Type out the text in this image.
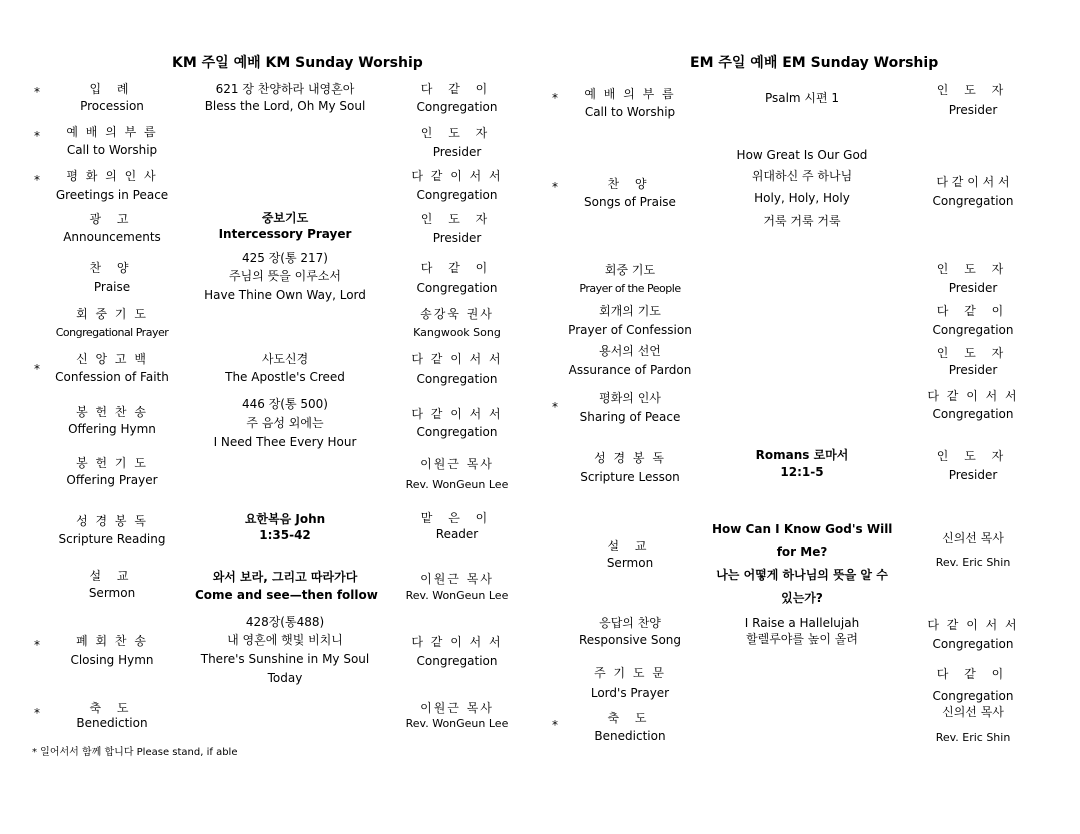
KM 주일 예배 KM Sunday Worship	EM 주일 예배 EM Sunday Worship
입 례
Procession
예 배 의 부 름
Call to Worship
평 화 의 인 사
Greetings in Peace
광 고
Announcements
찬 양
Praise
회 중 기 도
Congregational Prayer
신 앙 고 백
Confession of Faith
봉 헌 찬 송
Offering Hymn
봉 헌 기 도
Offering Prayer
성 경 봉 독
Scripture Reading
설 교
Sermon
폐 회 찬 송
Closing Hymn
축 도
Benediction
*
*
*
*
*
*
621 장 찬양하라 내영혼아
Bless the Lord, Oh My Soul
중보기도
Intercessory Prayer
425 장(통 217)
주님의 뜻을 이루소서
Have Thine Own Way, Lord
사도신경
The Apostle's Creed
446 장(통 500)
주 음성 외에는
I Need Thee Every Hour
요한복음 John
1:35-42
와서 보라, 그리고 따라가다
Come and see—then follow
428장(통488)
내 영혼에 햇빛 비치니
There's Sunshine in My Soul
Today
다 같 이
Congregation
인 도 자
Presider
다 같 이 서 서
Congregation
인 도 자
Presider
다 같 이
Congregation
송강욱 권사
Kangwook Song
다 같 이 서 서
Congregation
다 같 이 서 서
Congregation
이원근 목사
Rev. WonGeun Lee
맡 은 이
Reader
이원근 목사
Rev. WonGeun Lee
다 같 이 서 서
Congregation
이원근 목사
Rev. WonGeun Lee
* 일어서서 함께 합니다 Please stand, if able
예 배 의 부 름
Call to Worship
찬 양
Songs of Praise
회중 기도
Prayer of the People
회개의 기도
Prayer of Confession
용서의 선언
Assurance of Pardon
평화의 인사
Sharing of Peace
성 경 봉 독
Scripture Lesson
설 교
Sermon
응답의 찬양
Responsive Song
주 기 도 문
Lord's Prayer
축 도
Benediction
*
*
*
*
Psalm 시편 1
How Great Is Our God
위대하신 주 하나님
Holy, Holy, Holy
거룩 거룩 거룩
Romans 로마서
12:1-5
How Can I Know God's Will
for Me?
나는 어떻게 하나님의 뜻을 알 수
있는가?
I Raise a Hallelujah
할렐루야를 높이 올려
인 도 자
Presider
다 같 이 서 서
Congregation
인 도 자
Presider
다 같 이
Congregation
인 도 자
Presider
다 같 이 서 서
Congregation
인 도 자
Presider
신의선 목사
Rev. Eric Shin
다 같 이 서 서
Congregation
다 같 이
Congregation
신의선 목사
Rev. Eric Shin
